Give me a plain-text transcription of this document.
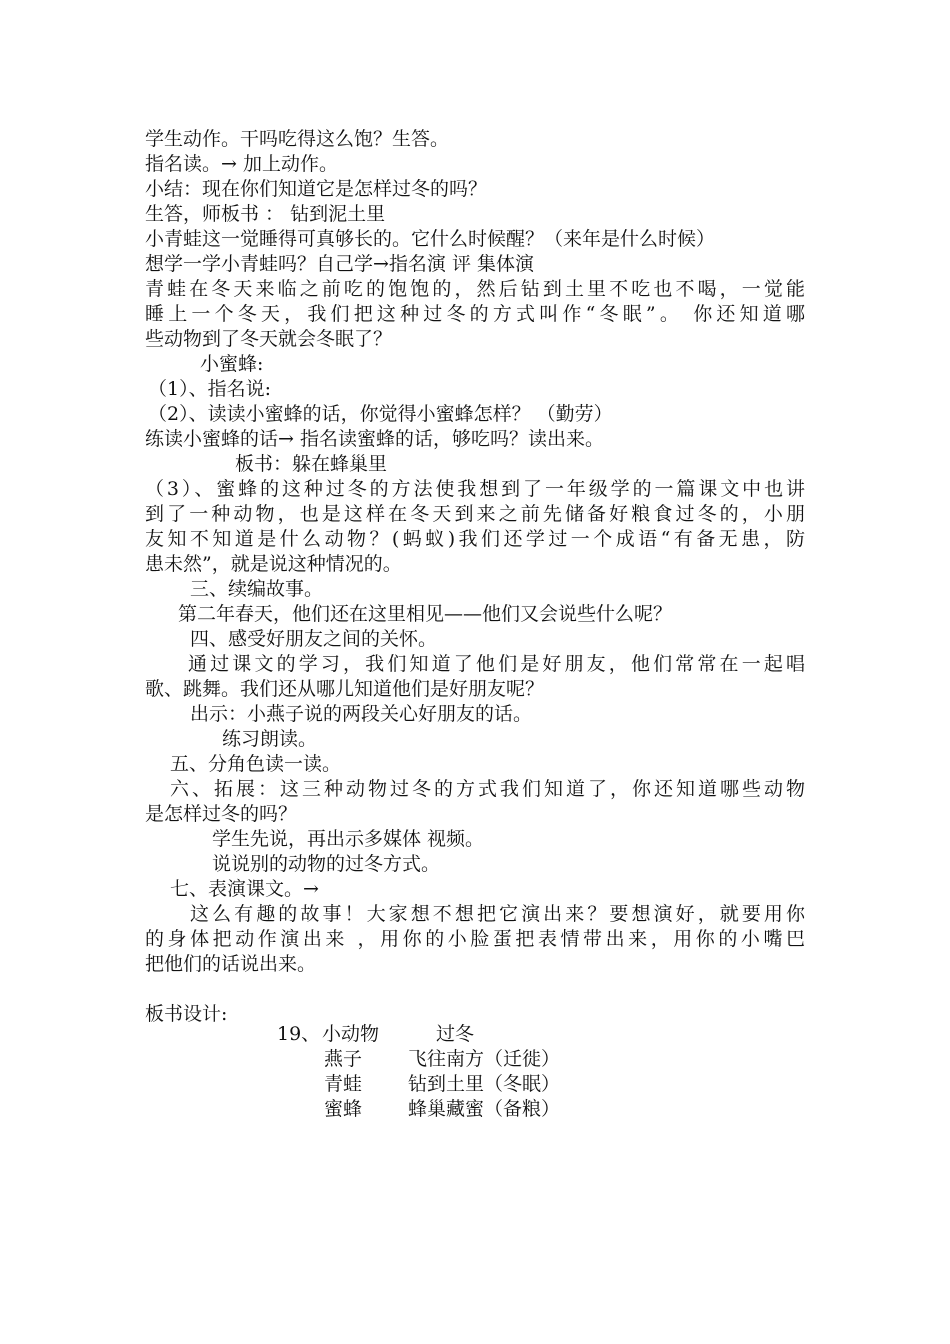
学生动作。干吗吃得这么饱？生答。
指名读。→ 加上动作。
小结：现在你们知道它是怎样过冬的吗？
生答，师板书 ： 钻到泥土里
小青蛙这一觉睡得可真够长的。它什么时候醒？（来年是什么时候）
想学一学小青蛙吗？自己学→指名演 评 集体演
青蛙在冬天来临之前吃的饱饱的，然后钻到土里不吃也不喝，一觉能
睡上一个冬天，我们把这种过冬的方式叫作“冬眠”。 你还知道哪
些动物到了冬天就会冬眠了？
小蜜蜂:
（1）、指名说:
（2）、读读小蜜蜂的话，你觉得小蜜蜂怎样？ （勤劳）
练读小蜜蜂的话→ 指名读蜜蜂的话，够吃吗？读出来。
板书：躲在蜂巢里
（3）、蜜蜂的这种过冬的方法使我想到了一年级学的一篇课文中也讲
到了一种动物，也是这样在冬天到来之前先储备好粮食过冬的，小朋
友知不知道是什么动物？(蚂蚁)我们还学过一个成语“有备无患，防
患未然”，就是说这种情况的。
三、续编故事。
第二年春天，他们还在这里相见——他们又会说些什么呢？
四、感受好朋友之间的关怀。
通过课文的学习，我们知道了他们是好朋友，他们常常在一起唱
歌、跳舞。我们还从哪儿知道他们是好朋友呢？
出示：小燕子说的两段关心好朋友的话。
练习朗读。
五、分角色读一读。
六、拓展：这三种动物过冬的方式我们知道了，你还知道哪些动物
是怎样过冬的吗？
学生先说，再出示多媒体 视频。
说说别的动物的过冬方式。
七、表演课文。→
这么有趣的故事！大家想不想把它演出来？要想演好，就要用你
的身体把动作演出来 ，用你的小脸蛋把表情带出来，用你的小嘴巴
把他们的话说出来。
板书设计:
19、 小动物	过冬
燕子 飞往南方（迁徙）
青蛙 钻到土里（冬眠）
蜜蜂 蜂巢藏蜜（备粮）
